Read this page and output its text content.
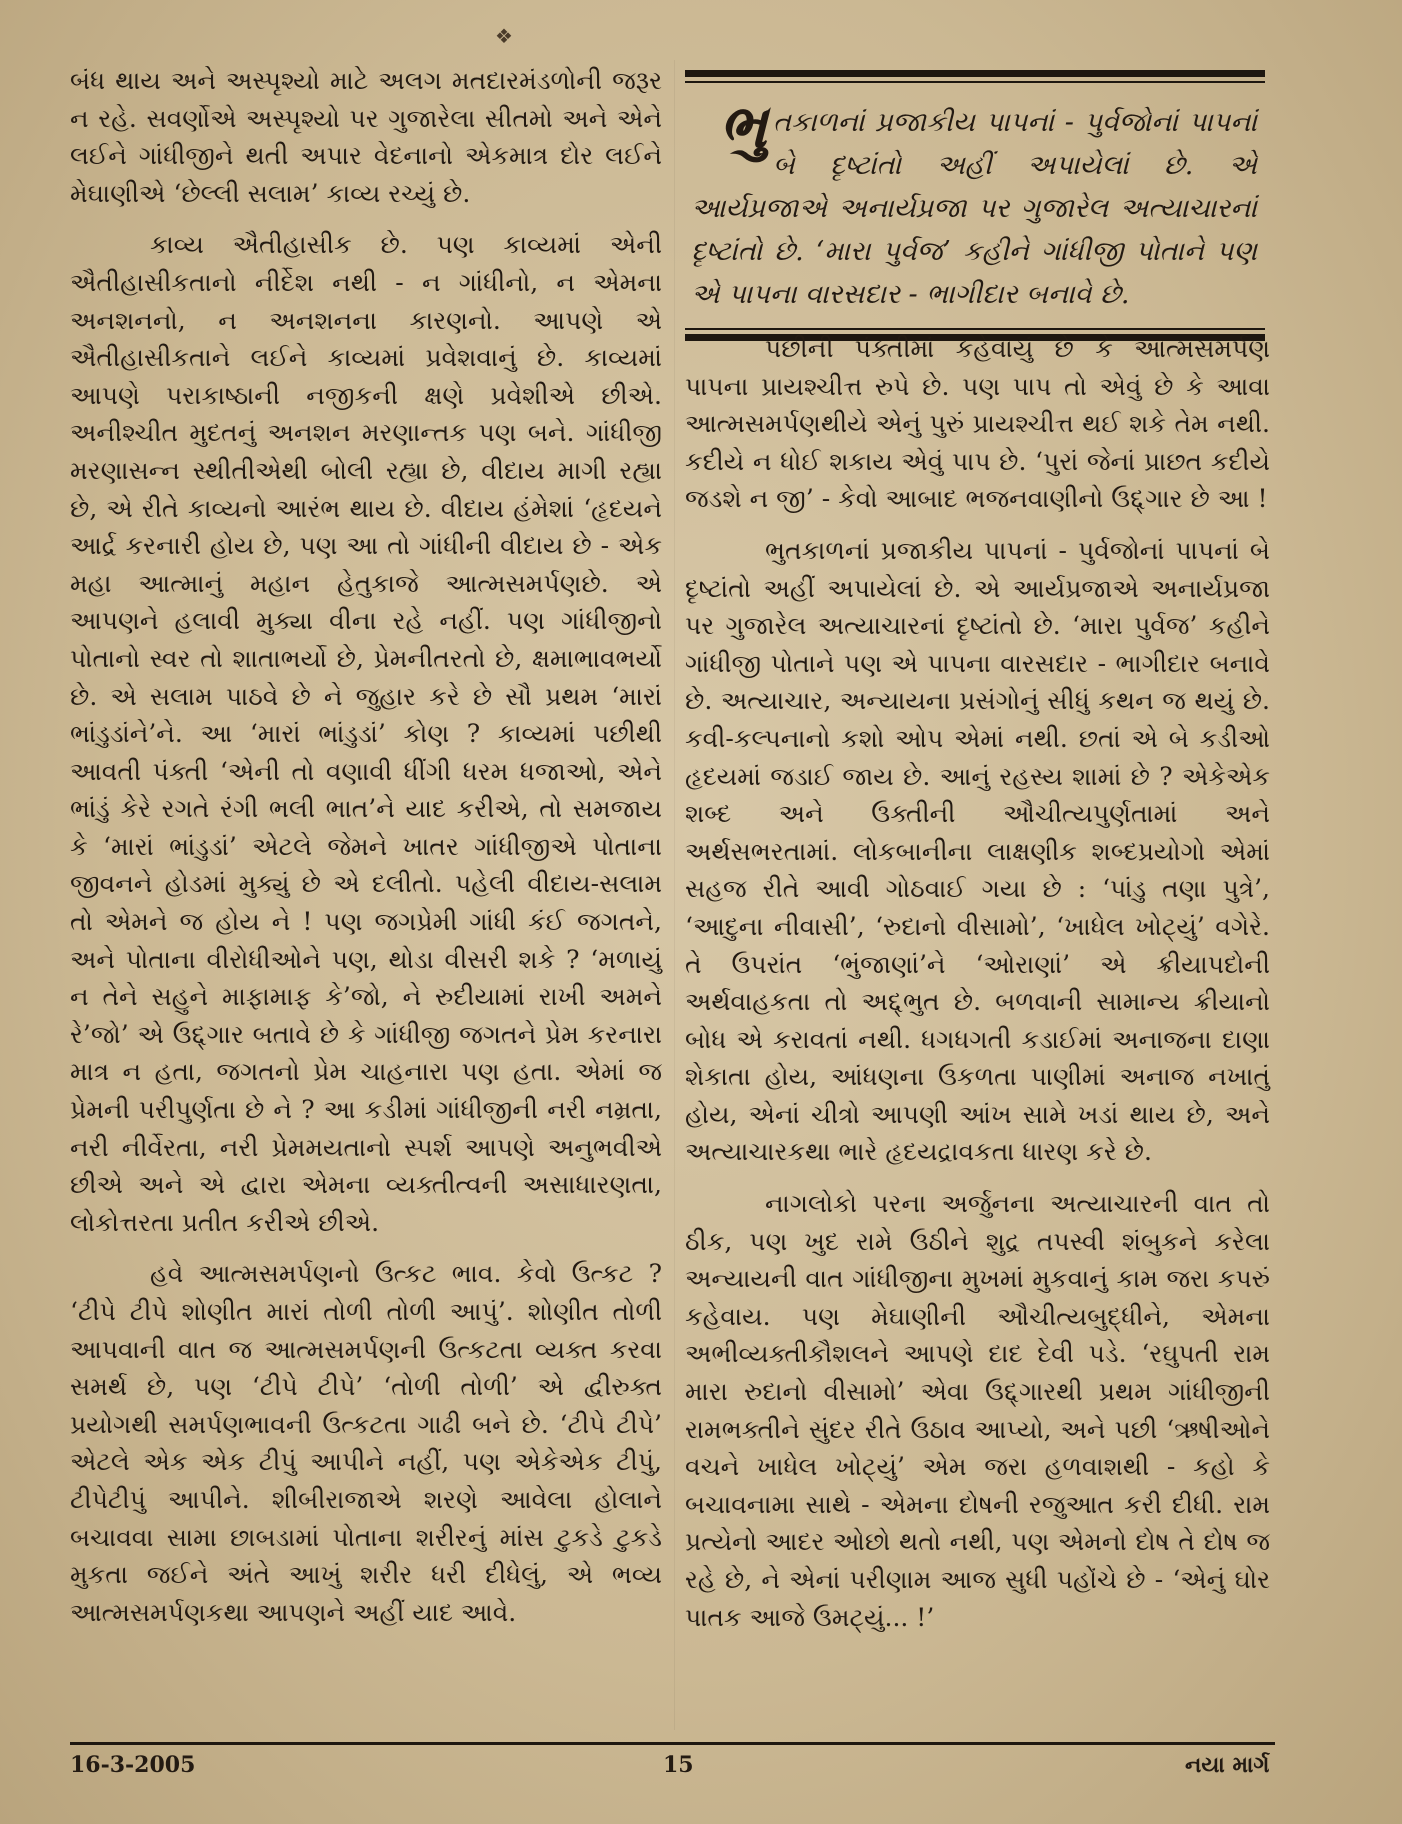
❖

બંધ થાય અને અસ્પૃશ્યો માટે અલગ મતદારમંડળોની જરૂર ન રહે. સવર્ણોએ અસ્પૃશ્યો પર ગુજારેલા સીતમો અને એને લઈને ગાંધીજીને થતી અપાર વેદનાનો એકમાત્ર દોર લઈને મેઘાણીએ ‘છેલ્લી સલામ’ કાવ્ય રચ્યું છે.

કાવ્ય ઐતીહાસીક છે. પણ કાવ્યમાં એની ઐતીહાસીકતાનો નીર્દેશ નથી - ન ગાંધીનો, ન એમના અનશનનો, ન અનશનના કારણનો. આપણે એ ઐતીહાસીકતાને લઈને કાવ્યમાં પ્રવેશવાનું છે. કાવ્યમાં આપણે પરાકાષ્ઠાની નજીકની ક્ષણે પ્રવેશીએ છીએ. અનીશ્ચીત મુદતનું અનશન મરણાન્તક પણ બને. ગાંધીજી મરણાસન્ન સ્થીતીએથી બોલી રહ્યા છે, વીદાય માગી રહ્યા છે, એ રીતે કાવ્યનો આરંભ થાય છે. વીદાય હંમેશાં ‘હૃદયને આર્દ્ર કરનારી હોય છે, પણ આ તો ગાંધીની વીદાય છે - એક મહા આત્માનું મહાન હેતુકાજે આત્મસમર્પણછે. એ આપણને હલાવી મુક્યા વીના રહે નહીં. પણ ગાંધીજીનો પોતાનો સ્વર તો શાતાભર્યો છે, પ્રેમનીતરતો છે, ક્ષમાભાવભર્યો છે. એ સલામ પાઠવે છે ને જુહાર કરે છે સૌ પ્રથમ ‘મારાં ભાંડુડાંને’ને. આ ‘મારાં ભાંડુડાં’ કોણ ? કાવ્યમાં પછીથી આવતી પંક્તી ‘એની તો વણાવી ધીંગી ધરમ ધજાઓ, એને ભાંડું કેરે રગતે રંગી ભલી ભાત’ને યાદ કરીએ, તો સમજાય કે ‘મારાં ભાંડુડાં’ એટલે જેમને ખાતર ગાંધીજીએ પોતાના જીવનને હોડમાં મુક્યું છે એ દલીતો. પહેલી વીદાય-સલામ તો એમને જ હોય ને ! પણ જગપ્રેમી ગાંધી કંઈ જગતને, અને પોતાના વીરોધીઓને પણ, થોડા વીસરી શકે ? ‘મળાયું ન તેને સહુને માફામાફ કે’જો, ને રુદીયામાં રાખી અમને રે’જો’ એ ઉદ્દ્ગાર બતાવે છે કે ગાંધીજી જગતને પ્રેમ કરનારા માત્ર ન હતા, જગતનો પ્રેમ ચાહનારા પણ હતા. એમાં જ પ્રેમની પરીપુર્ણતા છે ને ? આ કડીમાં ગાંધીજીની નરી નમ્રતા, નરી નીર્વેરતા, નરી પ્રેમમયતાનો સ્પર્શ આપણે અનુભવીએ છીએ અને એ દ્વારા એમના વ્યક્તીત્વની અસાધારણતા, લોકોત્તરતા પ્રતીત કરીએ છીએ.

હવે આત્મસમર્પણનો ઉત્કટ ભાવ. કેવો ઉત્કટ ? ‘ટીપે ટીપે શોણીત મારાં તોળી તોળી આપું’. શોણીત તોળી આપવાની વાત જ આત્મસમર્પણની ઉત્કટતા વ્યક્ત કરવા સમર્થ છે, પણ ‘ટીપે ટીપે’ ‘તોળી તોળી’ એ દ્વીરુક્ત પ્રયોગથી સમર્પણભાવની ઉત્કટતા ગાઢી બને છે. ‘ટીપે ટીપે’ એટલે એક એક ટીપું આપીને નહીં, પણ એકેએક ટીપું, ટીપેટીપું આપીને. શીબીરાજાએ શરણે આવેલા હોલાને બચાવવા સામા છાબડામાં પોતાના શરીરનું માંસ ટુકડે ટુકડે મુકતા જઈને અંતે આખું શરીર ધરી દીધેલું, એ ભવ્ય આત્મસમર્પણકથા આપણને અહીં યાદ આવે.

ભુતકાળનાં પ્રજાકીય પાપનાં - પુર્વજોનાં પાપનાં બે દૃષ્ટાંતો અહીં અપાયેલાં છે. એ આર્યપ્રજાએ અનાર્યપ્રજા પર ગુજારેલ અત્યાચારનાં દૃષ્ટાંતો છે. ‘મારા પુર્વજ’ કહીને ગાંધીજી પોતાને પણ એ પાપના વારસદાર - ભાગીદાર બનાવે છે.

પછીની પંક્તીમાં કહેવાયું છે કે આત્મસમર્પણ પાપના પ્રાયશ્ચીત્ત રુપે છે. પણ પાપ તો એવું છે કે આવા આત્મસમર્પણથીયે એનું પુરું પ્રાયશ્ચીત્ત થઈ શકે તેમ નથી. કદીયે ન ધોઈ શકાય એવું પાપ છે. ‘પુરાં જેનાં પ્રાછત કદીયે જડશે ન જી’ - કેવો આબાદ ભજનવાણીનો ઉદ્દ્ગાર છે આ !

ભુતકાળનાં પ્રજાકીય પાપનાં - પુર્વજોનાં પાપનાં બે દૃષ્ટાંતો અહીં અપાયેલાં છે. એ આર્યપ્રજાએ અનાર્યપ્રજા પર ગુજારેલ અત્યાચારનાં દૃષ્ટાંતો છે. ‘મારા પુર્વજ’ કહીને ગાંધીજી પોતાને પણ એ પાપના વારસદાર - ભાગીદાર બનાવે છે. અત્યાચાર, અન્યાયના પ્રસંગોનું સીધું કથન જ થયું છે. કવી-કલ્પનાનો કશો ઓપ એમાં નથી. છતાં એ બે કડીઓ હૃદયમાં જડાઈ જાય છે. આનું રહસ્ય શામાં છે ? એકેએક શબ્દ અને ઉક્તીની ઔચીત્યપુર્ણતામાં અને અર્થસભરતામાં. લોકબાનીના લાક્ષણીક શબ્દપ્રયોગો એમાં સહજ રીતે આવી ગોઠવાઈ ગયા છે : ‘પાંડુ તણા પુત્રે’, ‘આદુના નીવાસી’, ‘રુદાનો વીસામો’, ‘ખાધેલ ખોટ્યું’ વગેરે. તે ઉપરાંત ‘ભુંજાણાં’ને ‘ઓરાણાં’ એ ક્રીયાપદોની અર્થવાહકતા તો અદ્દ્ભુત છે. બળવાની સામાન્ય ક્રીયાનો બોધ એ કરાવતાં નથી. ધગધગતી કડાઈમાં અનાજના દાણા શેકાતા હોય, આંધણના ઉકળતા પાણીમાં અનાજ નખાતું હોય, એનાં ચીત્રો આપણી આંખ સામે ખડાં થાય છે, અને અત્યાચારકથા ભારે હૃદયદ્રાવકતા ધારણ કરે છે.

નાગલોકો પરના અર્જુનના અત્યાચારની વાત તો ઠીક, પણ ખુદ રામે ઉઠીને શુદ્ર તપસ્વી શંબુકને કરેલા અન્યાયની વાત ગાંધીજીના મુખમાં મુકવાનું કામ જરા કપરું કહેવાય. પણ મેઘાણીની ઔચીત્યબુદ્ધીને, એમના અભીવ્યક્તીકૌશલને આપણે દાદ દેવી પડે. ‘રઘુપતી રામ મારા રુદાનો વીસામો’ એવા ઉદ્દ્ગારથી પ્રથમ ગાંધીજીની રામભક્તીને સુંદર રીતે ઉઠાવ આપ્યો, અને પછી ‘ઋષીઓને વચને ખાધેલ ખોટ્યું’ એમ જરા હળવાશથી - કહો કે બચાવનામા સાથે - એમના દોષની રજુઆત કરી દીધી. રામ પ્રત્યેનો આદર ઓછો થતો નથી, પણ એમનો દોષ તે દોષ જ રહે છે, ને એનાં પરીણામ આજ સુધી પહોંચે છે - ‘એનું ઘોર પાતક આજે ઉમટ્યું... !’

16-3-2005	15	નયા માર્ગ
